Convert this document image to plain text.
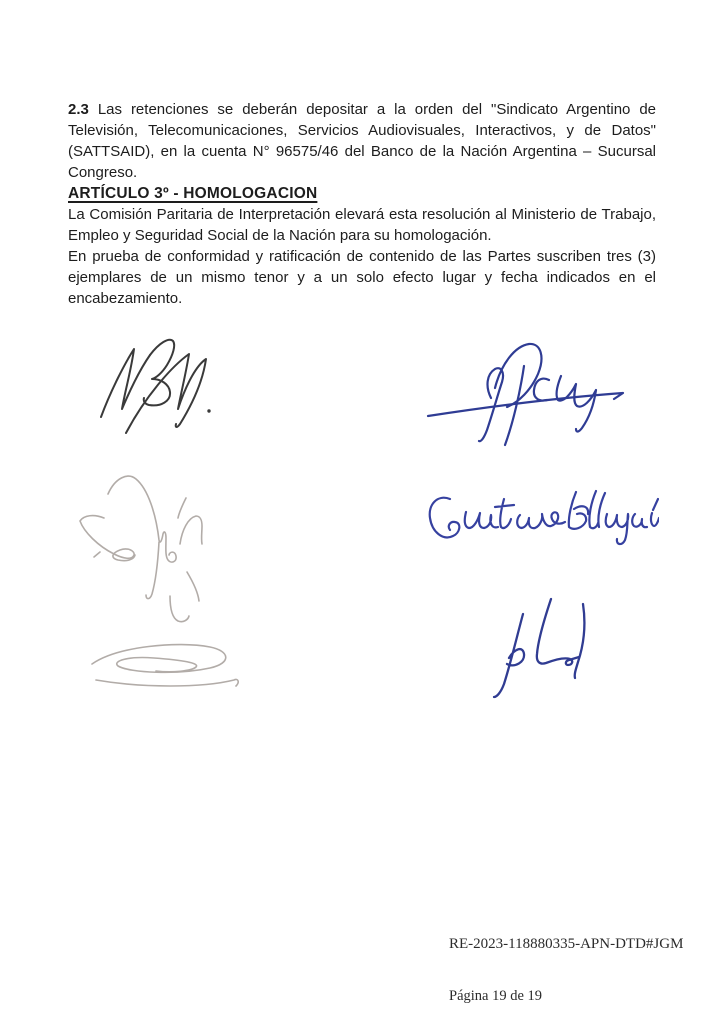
2.3 Las retenciones se deberán depositar a la orden del "Sindicato Argentino de
Televisión, Telecomunicaciones, Servicios Audiovisuales, Interactivos, y de Datos"
(SATTSAID), en la cuenta N° 96575/46 del Banco de la Nación Argentina – Sucursal
Congreso.
ARTÍCULO 3º - HOMOLOGACION
La Comisión Paritaria de Interpretación elevará esta resolución al Ministerio de Trabajo,
Empleo y Seguridad Social de la Nación para su homologación.
En prueba de conformidad y ratificación de contenido de las Partes suscriben tres (3)
ejemplares de un mismo tenor y a un solo efecto lugar y fecha indicados en el
encabezamiento.
RE-2023-118880335-APN-DTD#JGM
Página 19 de 19
